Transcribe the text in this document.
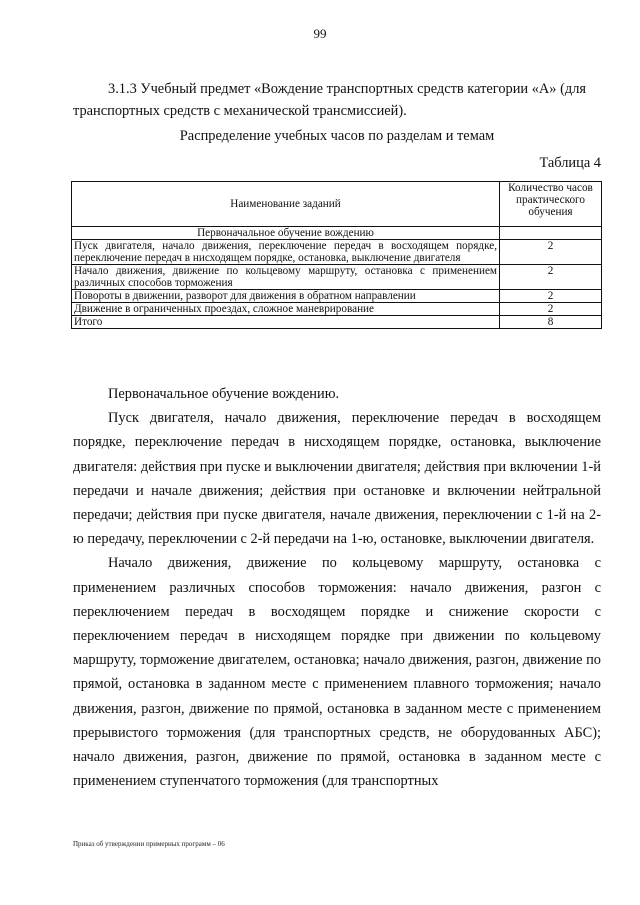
99
3.1.3 Учебный предмет «Вождение транспортных средств категории «А» (для транспортных средств с механической трансмиссией).
Распределение учебных часов по разделам и темам
Таблица 4
Наименование заданий	Количество часов практического обучения
Первоначальное обучение вождению	
Пуск двигателя, начало движения, переключение передач в восходящем порядке, переключение передач в нисходящем порядке, остановка, выключение двигателя	2
Начало движения, движение по кольцевому маршруту, остановка с применением различных способов торможения	2
Повороты в движении, разворот для движения в обратном направлении	2
Движение в ограниченных проездах, сложное маневрирование	2
Итого	8

Первоначальное обучение вождению.

Пуск двигателя, начало движения, переключение передач в восходящем порядке, переключение передач в нисходящем порядке, остановка, выключение двигателя: действия при пуске и выключении двигателя; действия при включении 1-й передачи и начале движения; действия при остановке и включении нейтральной передачи; действия при пуске двигателя, начале движения, переключении с 1-й на 2-ю передачу, переключении с 2-й передачи на 1-ю, остановке, выключении двигателя.

Начало движения, движение по кольцевому маршруту, остановка с применением различных способов торможения: начало движения, разгон с переключением передач в восходящем порядке и снижение скорости с переключением передач в нисходящем порядке при движении по кольцевому маршруту, торможение двигателем, остановка; начало движения, разгон, движение по прямой, остановка в заданном месте с применением плавного торможения; начало движения, разгон, движение по прямой, остановка в заданном месте с применением прерывистого торможения (для транспортных средств, не оборудованных АБС); начало движения, разгон, движение по прямой, остановка в заданном месте с применением ступенчатого торможения (для транспортных

Приказ об утверждении примерных программ – 06
